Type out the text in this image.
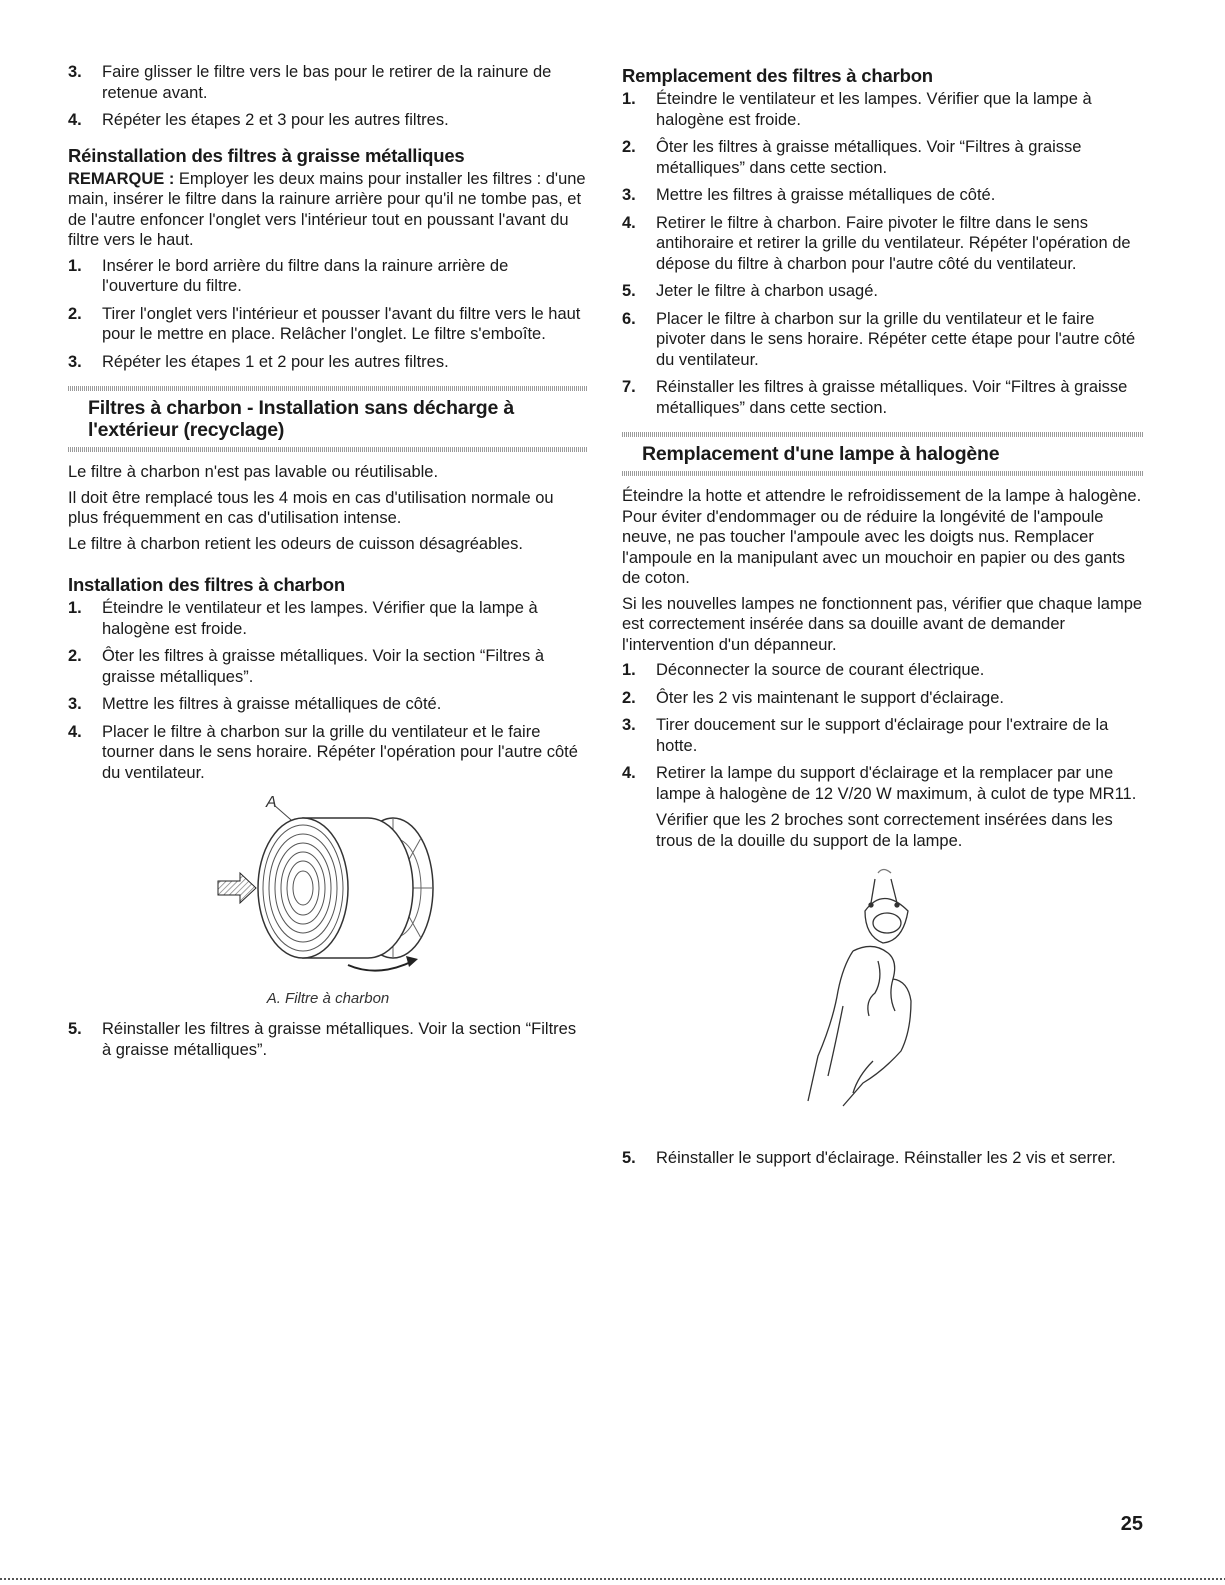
3.	Faire glisser le filtre vers le bas pour le retirer de la rainure de retenue avant.
4.	Répéter les étapes 2 et 3 pour les autres filtres.
Réinstallation des filtres à graisse métalliques

REMARQUE : Employer les deux mains pour installer les filtres : d'une main, insérer le filtre dans la rainure arrière pour qu'il ne tombe pas, et de l'autre enfoncer l'onglet vers l'intérieur tout en poussant l'avant du filtre vers le haut.

1.	Insérer le bord arrière du filtre dans la rainure arrière de l'ouverture du filtre.
2.	Tirer l'onglet vers l'intérieur et pousser l'avant du filtre vers le haut pour le mettre en place. Relâcher l'onglet. Le filtre s'emboîte.
3.	Répéter les étapes 1 et 2 pour les autres filtres.
Filtres à charbon - Installation sans décharge à
l'extérieur (recyclage)

Le filtre à charbon n'est pas lavable ou réutilisable.

Il doit être remplacé tous les 4 mois en cas d'utilisation normale ou plus fréquemment en cas d'utilisation intense.

Le filtre à charbon retient les odeurs de cuisson désagréables.

Installation des filtres à charbon
1.	Éteindre le ventilateur et les lampes. Vérifier que la lampe à halogène est froide.
2.	Ôter les filtres à graisse métalliques. Voir la section “Filtres à graisse métalliques”.
3.	Mettre les filtres à graisse métalliques de côté.
4.	Placer le filtre à charbon sur la grille du ventilateur et le faire tourner dans le sens horaire. Répéter l'opération pour l'autre côté du ventilateur.
A
A. Filtre à charbon
5.	Réinstaller les filtres à graisse métalliques. Voir la section “Filtres à graisse métalliques”.
Remplacement des filtres à charbon
1.	Éteindre le ventilateur et les lampes. Vérifier que la lampe à halogène est froide.
2.	Ôter les filtres à graisse métalliques. Voir “Filtres à graisse métalliques” dans cette section.
3.	Mettre les filtres à graisse métalliques de côté.
4.	Retirer le filtre à charbon. Faire pivoter le filtre dans le sens antihoraire et retirer la grille du ventilateur. Répéter l'opération de dépose du filtre à charbon pour l'autre côté du ventilateur.
5.	Jeter le filtre à charbon usagé.
6.	Placer le filtre à charbon sur la grille du ventilateur et le faire pivoter dans le sens horaire. Répéter cette étape pour l'autre côté du ventilateur.
7.	Réinstaller les filtres à graisse métalliques. Voir “Filtres à graisse métalliques” dans cette section.
Remplacement d'une lampe à halogène

Éteindre la hotte et attendre le refroidissement de la lampe à halogène. Pour éviter d'endommager ou de réduire la longévité de l'ampoule neuve, ne pas toucher l'ampoule avec les doigts nus. Remplacer l'ampoule en la manipulant avec un mouchoir en papier ou des gants de coton.

Si les nouvelles lampes ne fonctionnent pas, vérifier que chaque lampe est correctement insérée dans sa douille avant de demander l'intervention d'un dépanneur.

1.	Déconnecter la source de courant électrique.
2.	Ôter les 2 vis maintenant le support d'éclairage.
3.	Tirer doucement sur le support d'éclairage pour l'extraire de la hotte.
4.	Retirer la lampe du support d'éclairage et la remplacer par une lampe à halogène de 12 V/20 W maximum, à culot de type MR11.
Vérifier que les 2 broches sont correctement insérées dans les trous de la douille du support de la lampe.
5.	Réinstaller le support d'éclairage. Réinstaller les 2 vis et serrer.
25
